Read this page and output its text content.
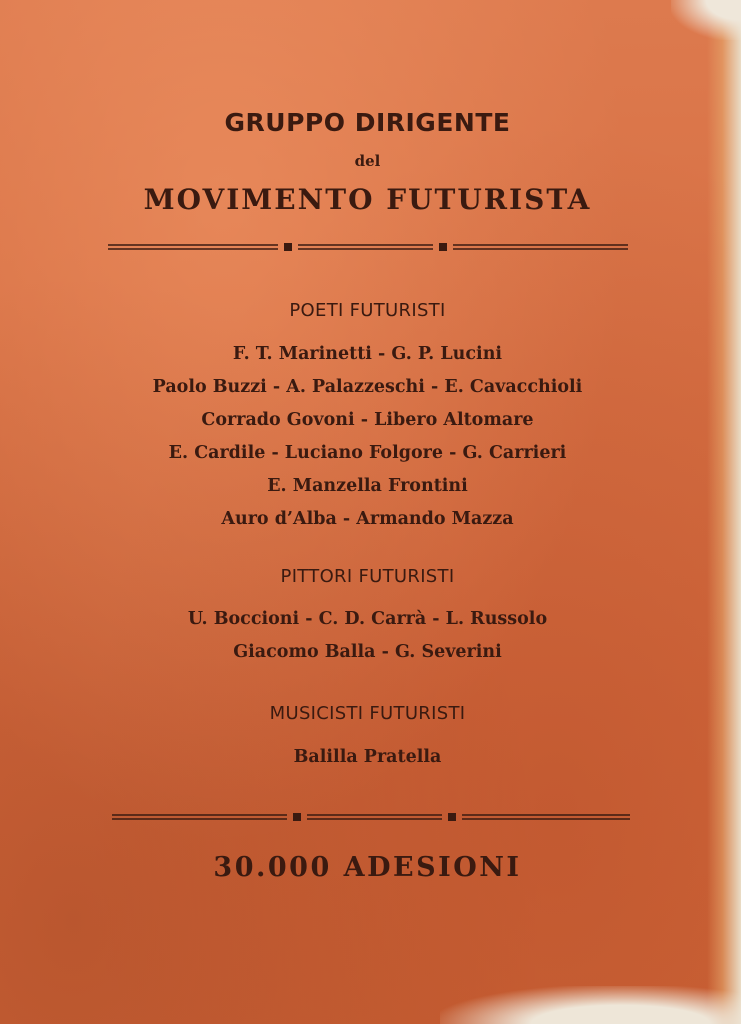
GRUPPO DIRIGENTE
del
MOVIMENTO FUTURISTA
POETI FUTURISTI
F. T. Marinetti - G. P. Lucini
Paolo Buzzi - A. Palazzeschi - E. Cavacchioli
Corrado Govoni - Libero Altomare
E. Cardile - Luciano Folgore - G. Carrieri
E. Manzella Frontini
Auro d’Alba - Armando Mazza
PITTORI FUTURISTI
U. Boccioni - C. D. Carrà - L. Russolo
Giacomo Balla - G. Severini
MUSICISTI FUTURISTI
Balilla Pratella
30.000 ADESIONI
